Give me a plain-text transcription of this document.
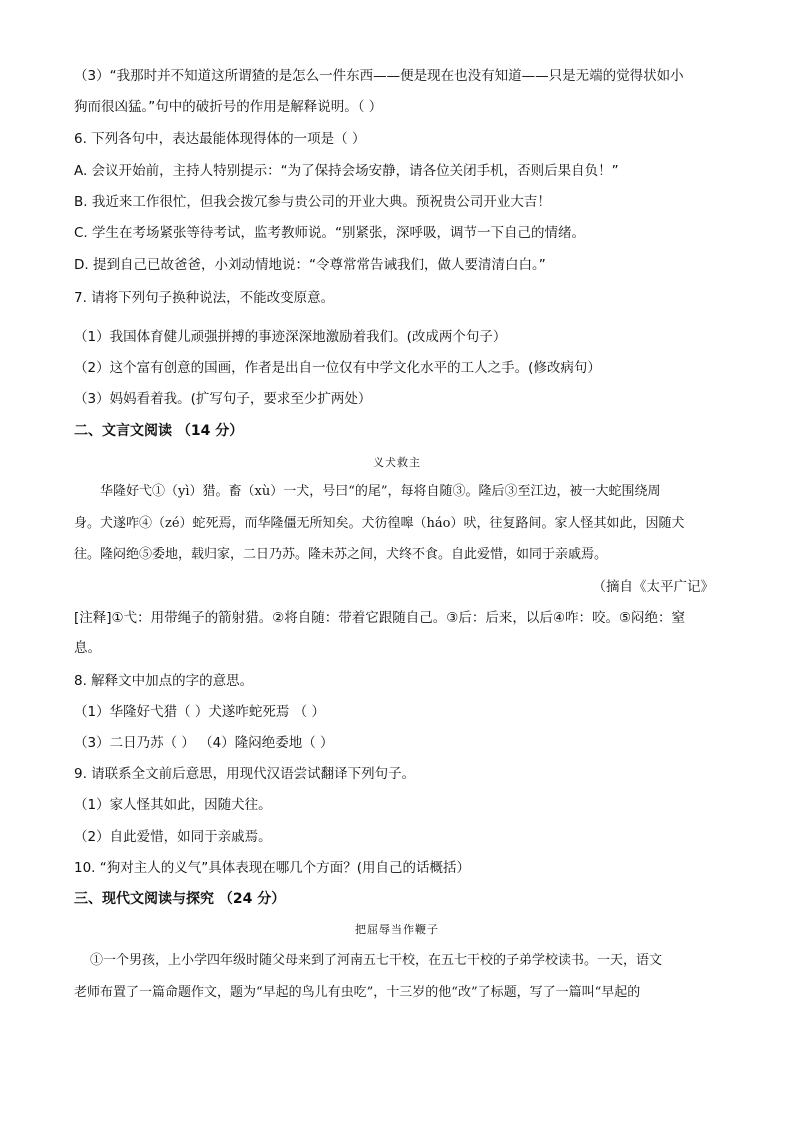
（3）“我那时并不知道这所谓猹的是怎么一件东西——便是现在也没有知道——只是无端的觉得状如小
狗而很凶猛。”句中的破折号的作用是解释说明。（ ）
6. 下列各句中，表达最能体现得体的一项是（ ）
A. 会议开始前，主持人特别提示：“为了保持会场安静，请各位关闭手机，否则后果自负！”
B. 我近来工作很忙，但我会拨冗参与贵公司的开业大典。预祝贵公司开业大吉！
C. 学生在考场紧张等待考试，监考教师说。“别紧张，深呼吸，调节一下自己的情绪。
D. 提到自己已故爸爸，小刘动情地说：“令尊常常告诫我们，做人要清清白白。”
7. 请将下列句子换种说法，不能改变原意。
（1）我国体育健儿顽强拼搏的事迹深深地激励着我们。(改成两个句子）
（2）这个富有创意的国画，作者是出自一位仅有中学文化水平的工人之手。(修改病句）
（3）妈妈看着我。(扩写句子，要求至少扩两处）
二、文言文阅读 （14 分）
义犬救主
华隆好弋①（yì）猎。畜（xù）一犬，号曰“的尾”，每将自随③。隆后③至江边，被一大蛇围绕周
身。犬遂咋④（zé）蛇死焉，而华隆僵无所知矣。犬彷徨嗥（háo）吠，往复路间。家人怪其如此，因随犬
往。隆闷绝⑤委地，载归家，二日乃苏。隆未苏之间，犬终不食。自此爱惜，如同于亲戚焉。
（摘自《太平广记》
[注释]①弋：用带绳子的箭射猎。②将自随：带着它跟随自己。③后：后来，以后④咋：咬。⑤闷绝：窒
息。
8. 解释文中加点的字的意思。
（1）华隆好弋猎（ ）犬遂咋蛇死焉 （ ）
（3）二日乃苏（ ） （4）隆闷绝委地（ ）
9. 请联系全文前后意思，用现代汉语尝试翻译下列句子。
（1）家人怪其如此，因随犬往。
（2）自此爱惜，如同于亲戚焉。
10. “狗对主人的义气”具体表现在哪几个方面？(用自己的话概括）
三、现代文阅读与探究 （24 分）
把屈辱当作鞭子
①一个男孩，上小学四年级时随父母来到了河南五七干校，在五七干校的子弟学校读书。一天，语文
老师布置了一篇命题作文，题为“早起的鸟儿有虫吃”，十三岁的他“改”了标题，写了一篇叫“早起的
